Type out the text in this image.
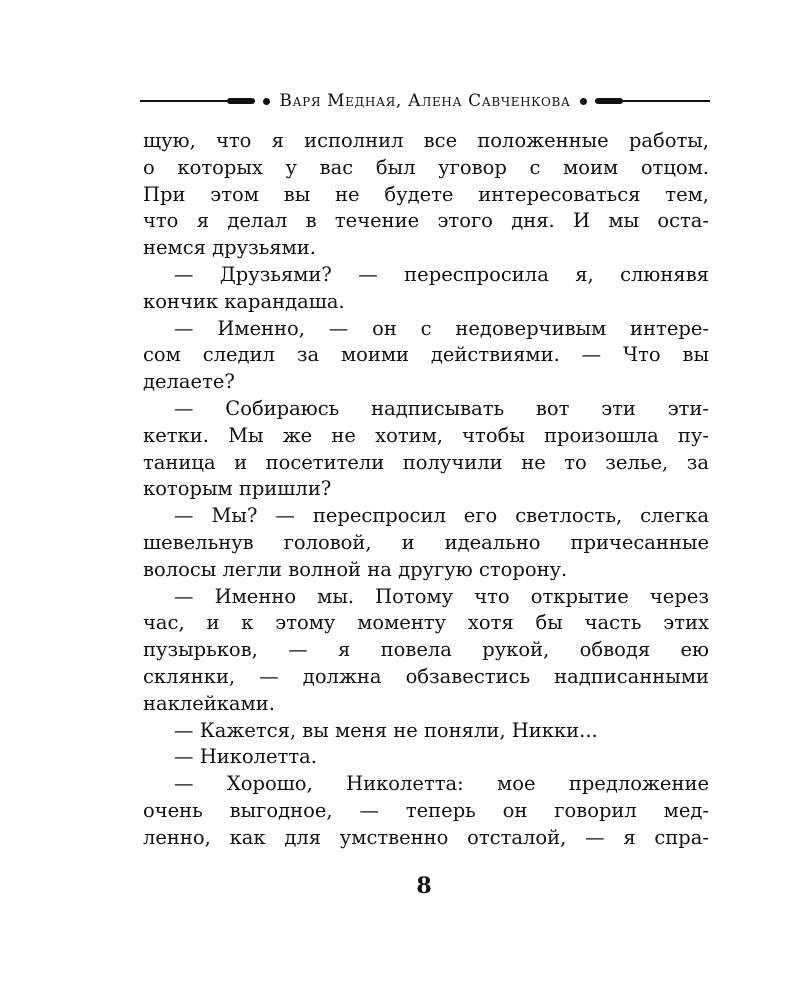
Варя Медная, Алена Савченкова
щую, что я исполнил все положенные работы,
о которых у вас был уговор с моим отцом.
При этом вы не будете интересоваться тем,
что я делал в течение этого дня. И мы оста-
немся друзьями.
— Друзьями? — переспросила я, слюнявя
кончик карандаша.
— Именно, — он с недоверчивым интере-
сом следил за моими действиями. — Что вы
делаете?
— Собираюсь надписывать вот эти эти-
кетки. Мы же не хотим, чтобы произошла пу-
таница и посетители получили не то зелье, за
которым пришли?
— Мы? — переспросил его светлость, слегка
шевельнув головой, и идеально причесанные
волосы легли волной на другую сторону.
— Именно мы. Потому что открытие через
час, и к этому моменту хотя бы часть этих
пузырьков, — я повела рукой, обводя ею
склянки, — должна обзавестись надписанными
наклейками.
— Кажется, вы меня не поняли, Никки...
— Николетта.
— Хорошо, Николетта: мое предложение
очень выгодное, — теперь он говорил мед-
ленно, как для умственно отсталой, — я спра-
8
